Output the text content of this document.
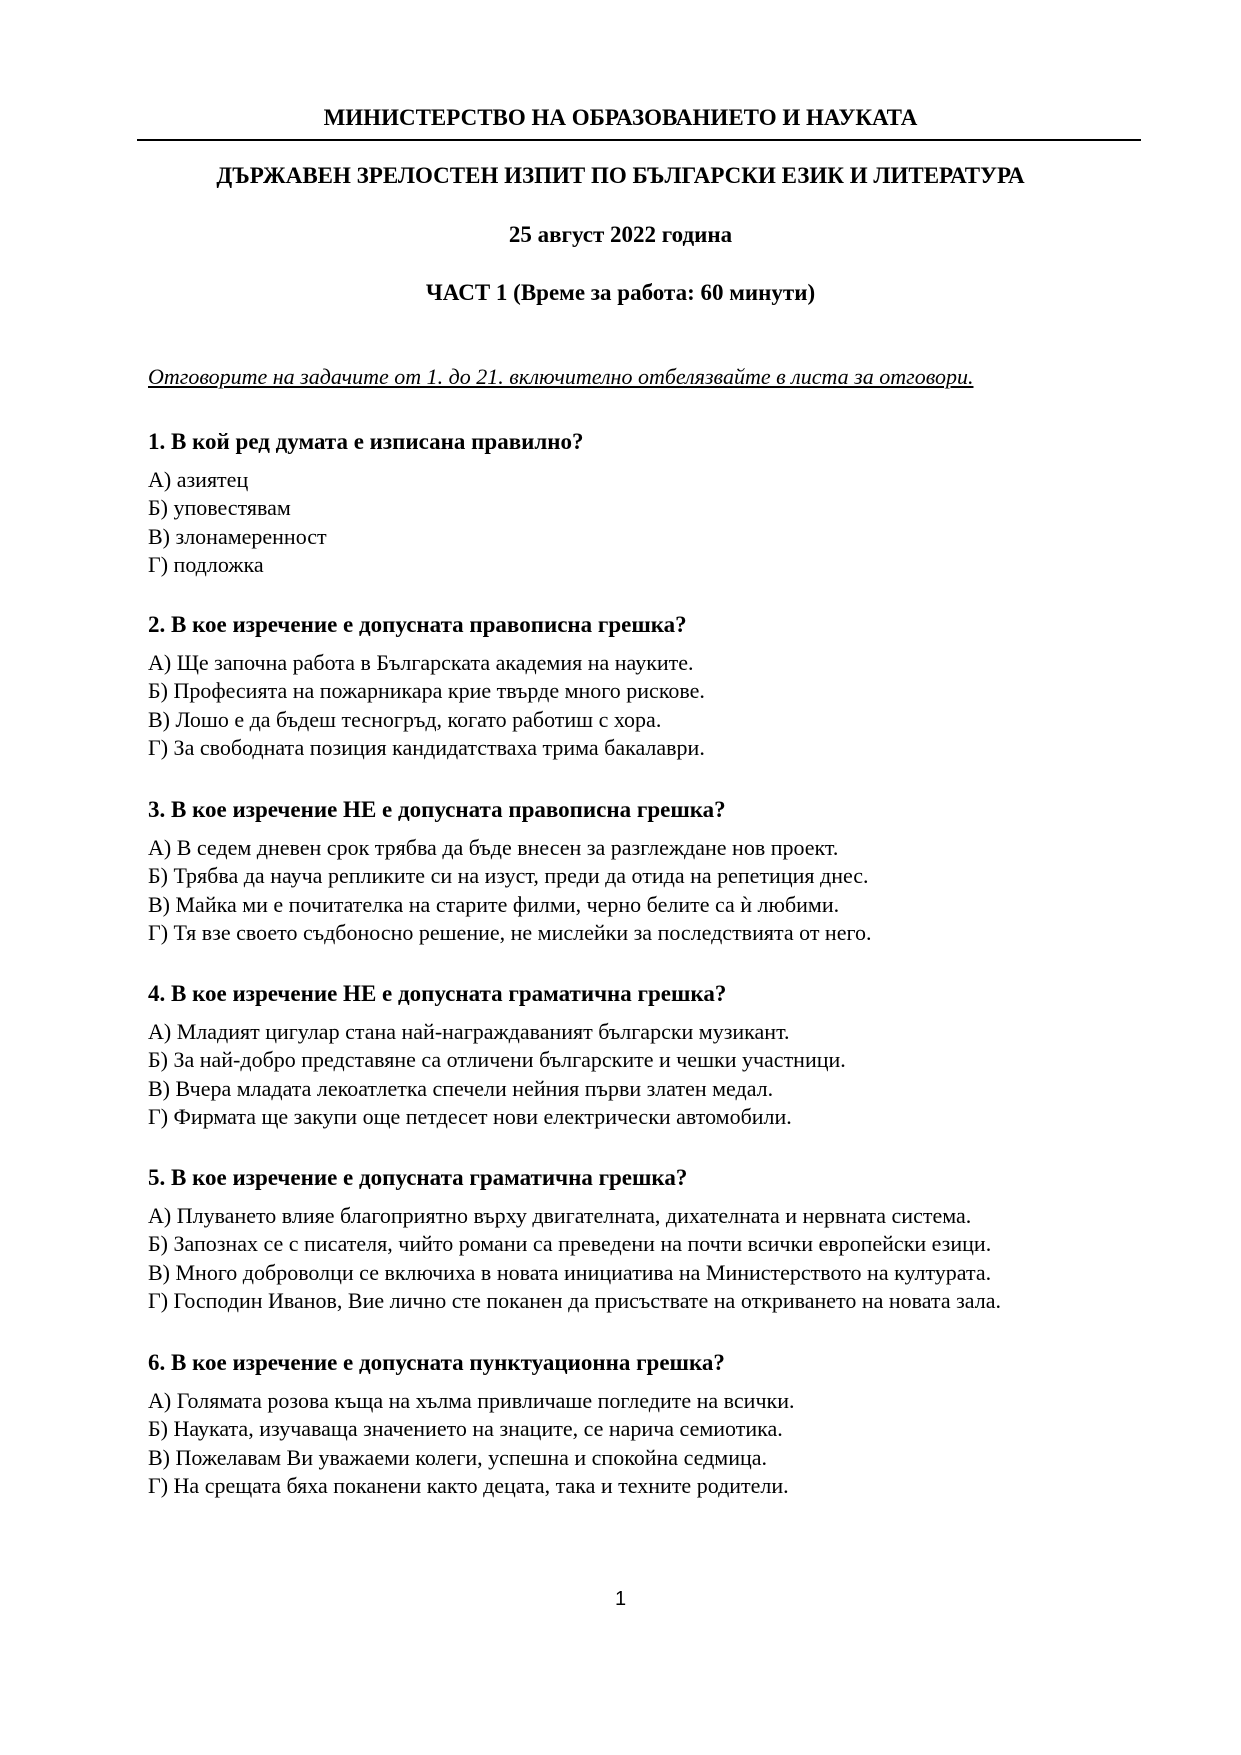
МИНИСТЕРСТВО НА ОБРАЗОВАНИЕТО И НАУКАТА
ДЪРЖАВЕН ЗРЕЛОСТЕН ИЗПИТ ПО БЪЛГАРСКИ ЕЗИК И ЛИТЕРАТУРА
25 август 2022 година
ЧАСТ 1 (Време за работа: 60 минути)
Отговорите на задачите от 1. до 21. включително отбелязвайте в листа за отговори.
1. В кой ред думата е изписана правилно?
А) азиятец
Б) уповестявам
В) злонамеренност
Г) подложка
2. В кое изречение е допусната правописна грешка?
А) Ще започна работа в Българската академия на науките.
Б) Професията на пожарникара крие твърде много рискове.
В) Лошо е да бъдеш тесногръд, когато работиш с хора.
Г) За свободната позиция кандидатстваха трима бакалаври.
3. В кое изречение НЕ е допусната правописна грешка?
А) В седем дневен срок трябва да бъде внесен за разглеждане нов проект.
Б) Трябва да науча репликите си на изуст, преди да отида на репетиция днес.
В) Майка ми е почитателка на старите филми, черно белите са ѝ любими.
Г) Тя взе своето съдбоносно решение, не мислейки за последствията от него.
4. В кое изречение НЕ е допусната граматична грешка?
А) Младият цигулар стана най-награждаваният български музикант.
Б) За най-добро представяне са отличени българските и чешки участници.
В) Вчера младата лекоатлетка спечели нейния първи златен медал.
Г) Фирмата ще закупи още петдесет нови електрически автомобили.
5. В кое изречение е допусната граматична грешка?
А) Плуването влияе благоприятно върху двигателната, дихателната и нервната система.
Б) Запознах се с писателя, чийто романи са преведени на почти всички европейски езици.
В) Много доброволци се включиха в новата инициатива на Министерството на културата.
Г) Господин Иванов, Вие лично сте поканен да присъствате на откриването на новата зала.
6. В кое изречение е допусната пунктуационна грешка?
А) Голямата розова къща на хълма привличаше погледите на всички.
Б) Науката, изучаваща значението на знаците, се нарича семиотика.
В) Пожелавам Ви уважаеми колеги, успешна и спокойна седмица.
Г) На срещата бяха поканени както децата, така и техните родители.
1
